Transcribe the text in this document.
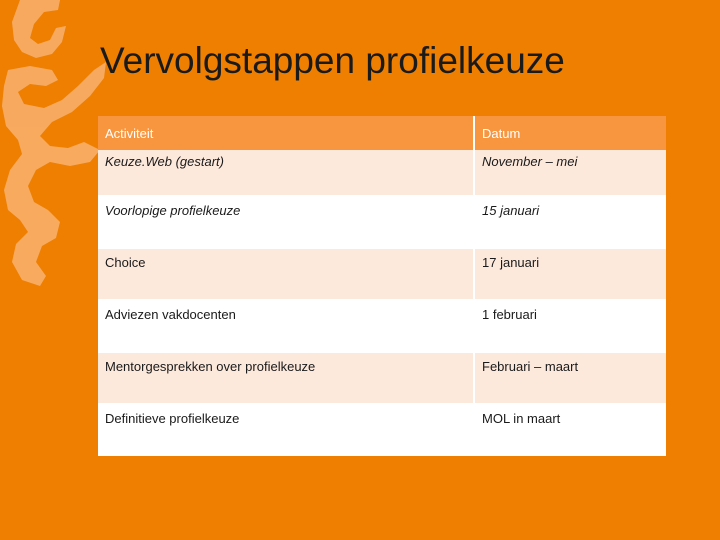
Vervolgstappen profielkeuze
Activiteit	Datum
Keuze.Web (gestart)	November – mei
Voorlopige profielkeuze	15 januari
Choice	17 januari
Adviezen vakdocenten	1 februari
Mentorgesprekken over profielkeuze	Februari – maart
Definitieve profielkeuze	MOL in maart
